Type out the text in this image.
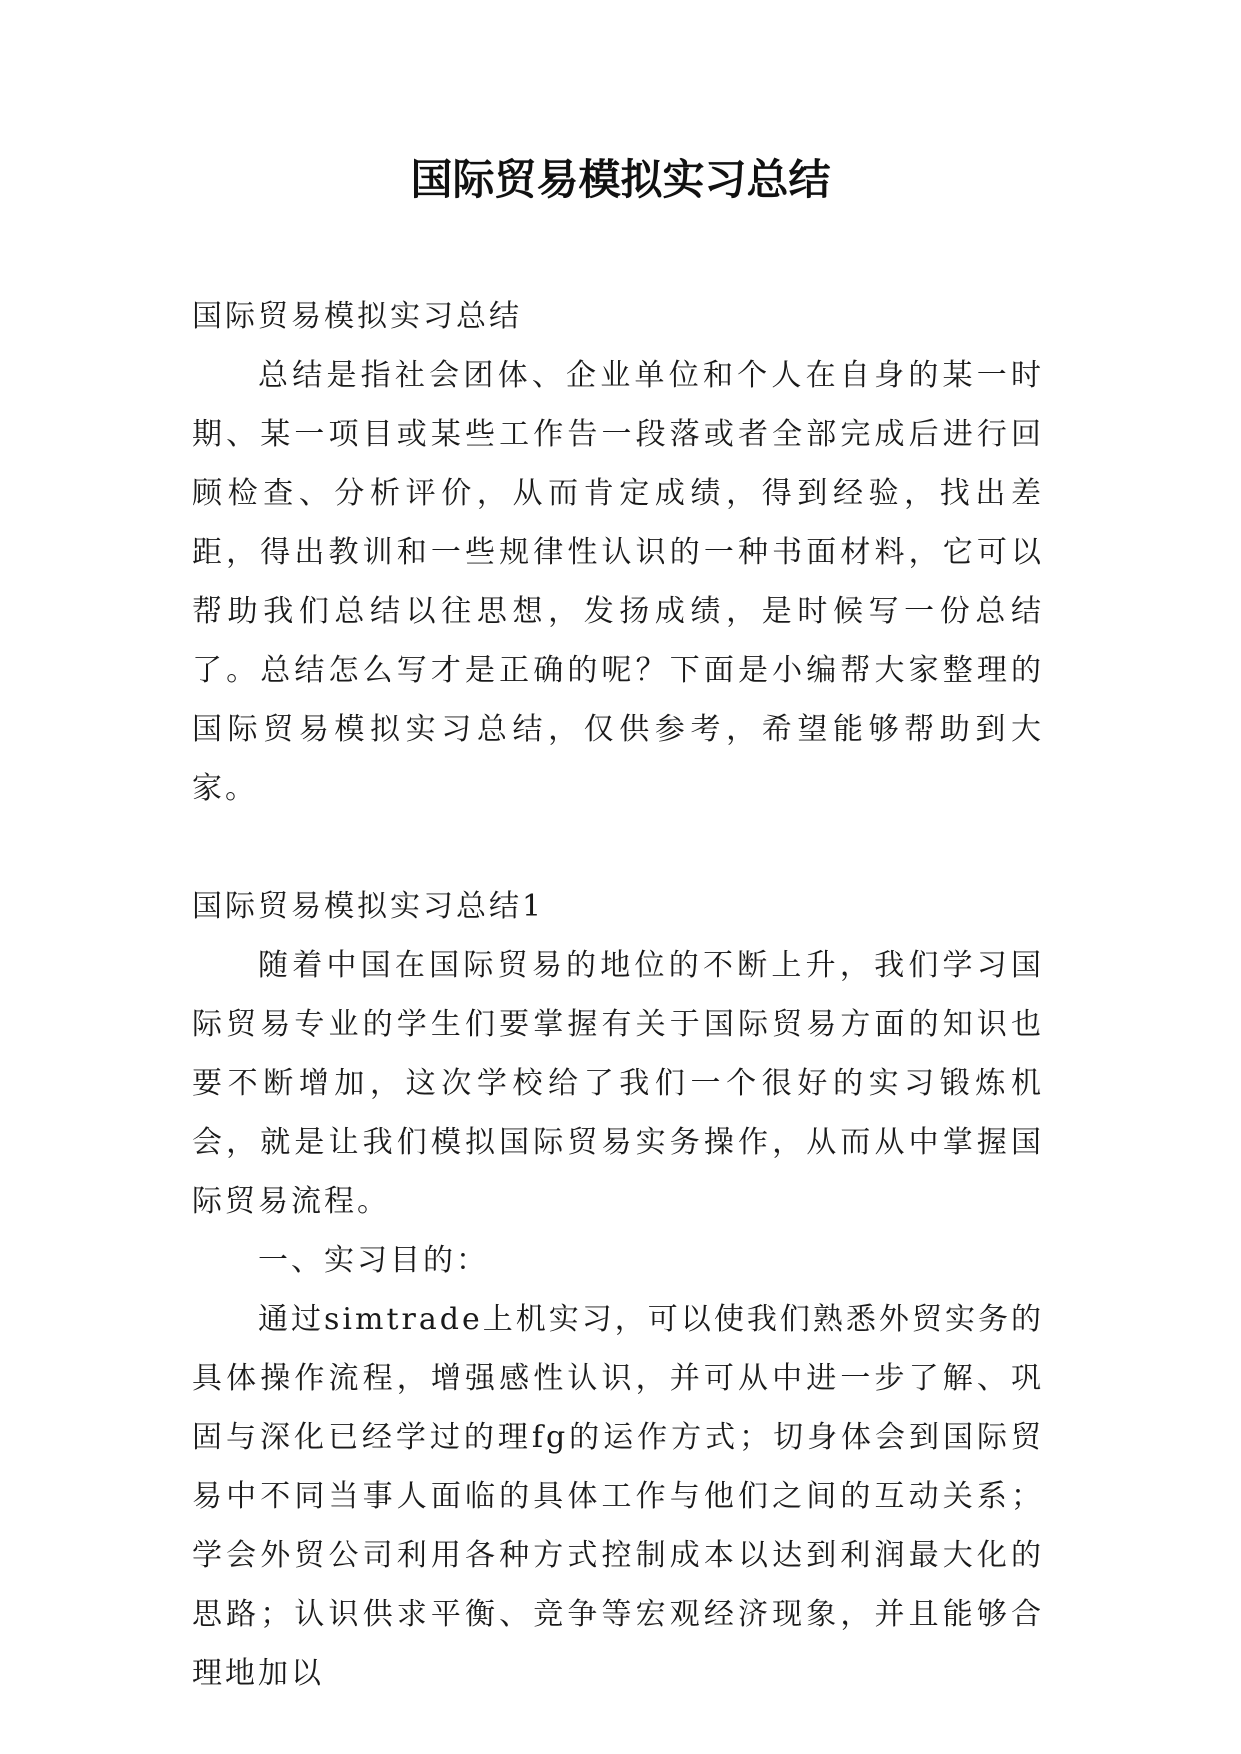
国际贸易模拟实习总结

国际贸易模拟实习总结

总结是指社会团体、企业单位和个人在自身的某一时期、某一项目或某些工作告一段落或者全部完成后进行回顾检查、分析评价，从而肯定成绩，得到经验，找出差距，得出教训和一些规律性认识的一种书面材料，它可以帮助我们总结以往思想，发扬成绩，是时候写一份总结了。总结怎么写才是正确的呢？下面是小编帮大家整理的国际贸易模拟实习总结，仅供参考，希望能够帮助到大家。

国际贸易模拟实习总结1

随着中国在国际贸易的地位的不断上升，我们学习国际贸易专业的学生们要掌握有关于国际贸易方面的知识也要不断增加，这次学校给了我们一个很好的实习锻炼机会，就是让我们模拟国际贸易实务操作，从而从中掌握国际贸易流程。

一、实习目的：

通过simtrade上机实习，可以使我们熟悉外贸实务的具体操作流程，增强感性认识，并可从中进一步了解、巩固与深化已经学过的理fg的运作方式；切身体会到国际贸易中不同当事人面临的具体工作与他们之间的互动关系；学会外贸公司利用各种方式控制成本以达到利润最大化的思路；认识供求平衡、竞争等宏观经济现象，并且能够合理地加以
